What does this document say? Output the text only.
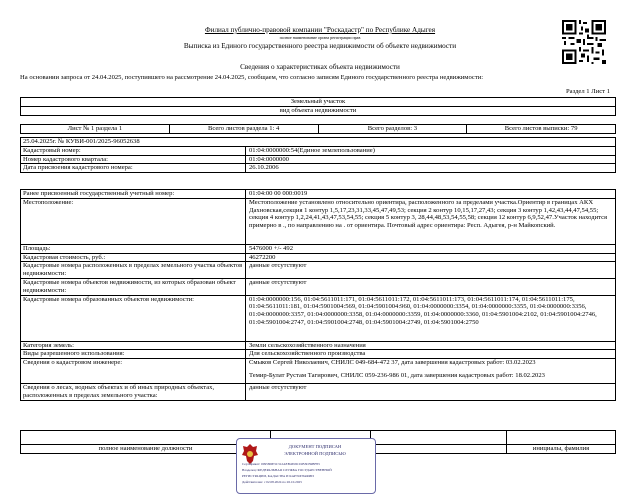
Филиал публично-правовой компании "Роскадастр" по Республике Адыгея
полное наименование органа регистрации прав
Выписка из Единого государственного реестра недвижимости об объекте недвижимости
Сведения о характеристиках объекта недвижимости
На основании запроса от 24.04.2025, поступившего на рассмотрение 24.04.2025, сообщаем, что согласно записям Единого государственного реестра недвижимости:
Раздел 1 Лист 1
Земельный участок
вид объекта недвижимости
Лист № 1 раздела 1	Всего листов раздела 1: 4	Всего разделов: 3	Всего листов выписки: 79
25.04.2025г. № КУВИ-001/2025-96052638	
Кадастровый номер:	01:04:0000000:54(Единое землепользование)
Номер кадастрового квартала:	01:04:0000000
Дата присвоения кадастрового номера:	26.10.2006
Ранее присвоенный государственный учетный номер:	01:04:00 00 000:0019
Местоположение:	Местоположение установлено относительно ориентира, расположенного за пределами участка.Ориентир в границах АКХ Дахновская,секция 1 контур 1,5,17,23,31,33,45,47,49,53; секция 2 контур 10,15,17,27,43; секция 3 контур 1,42,43,44,47,54,55; секция 4 контур 1,2,24,41,43,47,53,54,55; секция 5 контур 3, 28,44,48,53,54,55,58; секция 12 контур 6,9,52,47.Участок находится примерно в ., по направлению на . от ориентира. Почтовый адрес ориентира: Респ. Адыгея, р-н Майкопский.
Площадь:	5476000 +/- 492
Кадастровая стоимость, руб.:	46272200
Кадастровые номера расположенных в пределах земельного участка объектов недвижимости:	данные отсутствуют
Кадастровые номера объектов недвижимости, из которых образован объект недвижимости:	данные отсутствуют
Кадастровые номера образованных объектов недвижимости:	01:04:0000000:156, 01:04:5611011:171, 01:04:5611011:172, 01:04:5611011:173, 01:04:5611011:174, 01:04:5611011:175, 01:04:5611011:181, 01:04:5901004:569, 01:04:5901004:960, 01:04:0000000:3354, 01:04:0000000:3355, 01:04:0000000:3356, 01:04:0000000:3357, 01:04:0000000:3358, 01:04:0000000:3359, 01:04:0000000:3360, 01:04:5901004:2102, 01:04:5901004:2746, 01:04:5901004:2747, 01:04:5901004:2748, 01:04:5901004:2749, 01:04:5901004:2750
Категория земель:	Земли сельскохозяйственного назначения
Виды разрешенного использования:	Для сельскохозяйственного производства
Сведения о кадастровом инженере:	Смыков Сергей Николаевич, СНИЛС 049-684-472 37, дата завершения кадастровых работ: 03.02.2023
Темир-Булат Рустам Тагирович, СНИЛС 059-236-986 01, дата завершения кадастровых работ: 18.02.2023

Сведения о лесах, водных объектах и об иных природных объектах, расположенных в пределах земельного участка:	данные отсутствуют

полное наименование должности			инициалы, фамилия
ДОКУМЕНТ ПОДПИСАН
ЭЛЕКТРОННОЙ ПОДПИСЬЮ
Сертификат: 00958DE3C312AEB4659C01B3D59BF83
Владелец: ФЕДЕРАЛЬНАЯ СЛУЖБА ГОСУДАРСТВЕННОЙ
РЕГИСТРАЦИИ, КАДАСТРА И КАРТОГРАФИИ
Действителен: с 02.08.2024 по 26.10.2025
